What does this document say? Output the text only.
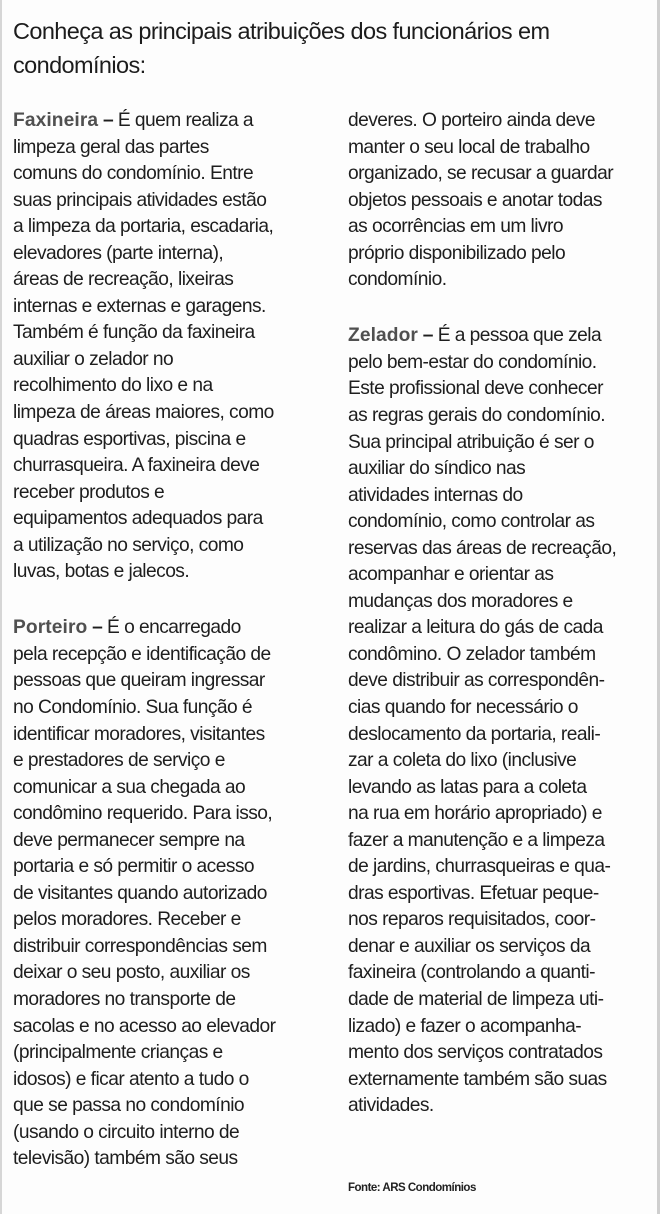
Conheça as principais atribuições dos funcionários em
condomínios:
Faxineira – É quem realiza a
limpeza geral das partes
comuns do condomínio. Entre
suas principais atividades estão
a limpeza da portaria, escadaria,
elevadores (parte interna),
áreas de recreação, lixeiras
internas e externas e garagens.
Também é função da faxineira
auxiliar o zelador no
recolhimento do lixo e na
limpeza de áreas maiores, como
quadras esportivas, piscina e
churrasqueira. A faxineira deve
receber produtos e
equipamentos adequados para
a utilização no serviço, como
luvas, botas e jalecos.
Porteiro – É o encarregado
pela recepção e identificação de
pessoas que queiram ingressar
no Condomínio. Sua função é
identificar moradores, visitantes
e prestadores de serviço e
comunicar a sua chegada ao
condômino requerido. Para isso,
deve permanecer sempre na
portaria e só permitir o acesso
de visitantes quando autorizado
pelos moradores. Receber e
distribuir correspondências sem
deixar o seu posto, auxiliar os
moradores no transporte de
sacolas e no acesso ao elevador
(principalmente crianças e
idosos) e ficar atento a tudo o
que se passa no condomínio
(usando o circuito interno de
televisão) também são seus
deveres. O porteiro ainda deve
manter o seu local de trabalho
organizado, se recusar a guardar
objetos pessoais e anotar todas
as ocorrências em um livro
próprio disponibilizado pelo
condomínio.
Zelador – É a pessoa que zela
pelo bem-estar do condomínio.
Este profissional deve conhecer
as regras gerais do condomínio.
Sua principal atribuição é ser o
auxiliar do síndico nas
atividades internas do
condomínio, como controlar as
reservas das áreas de recreação,
acompanhar e orientar as
mudanças dos moradores e
realizar a leitura do gás de cada
condômino. O zelador também
deve distribuir as correspondên-
cias quando for necessário o
deslocamento da portaria, reali-
zar a coleta do lixo (inclusive
levando as latas para a coleta
na rua em horário apropriado) e
fazer a manutenção e a limpeza
de jardins, churrasqueiras e qua-
dras esportivas. Efetuar peque-
nos reparos requisitados, coor-
denar e auxiliar os serviços da
faxineira (controlando a quanti-
dade de material de limpeza uti-
lizado) e fazer o acompanha-
mento dos serviços contratados
externamente também são suas
atividades.
Fonte: ARS Condomínios
